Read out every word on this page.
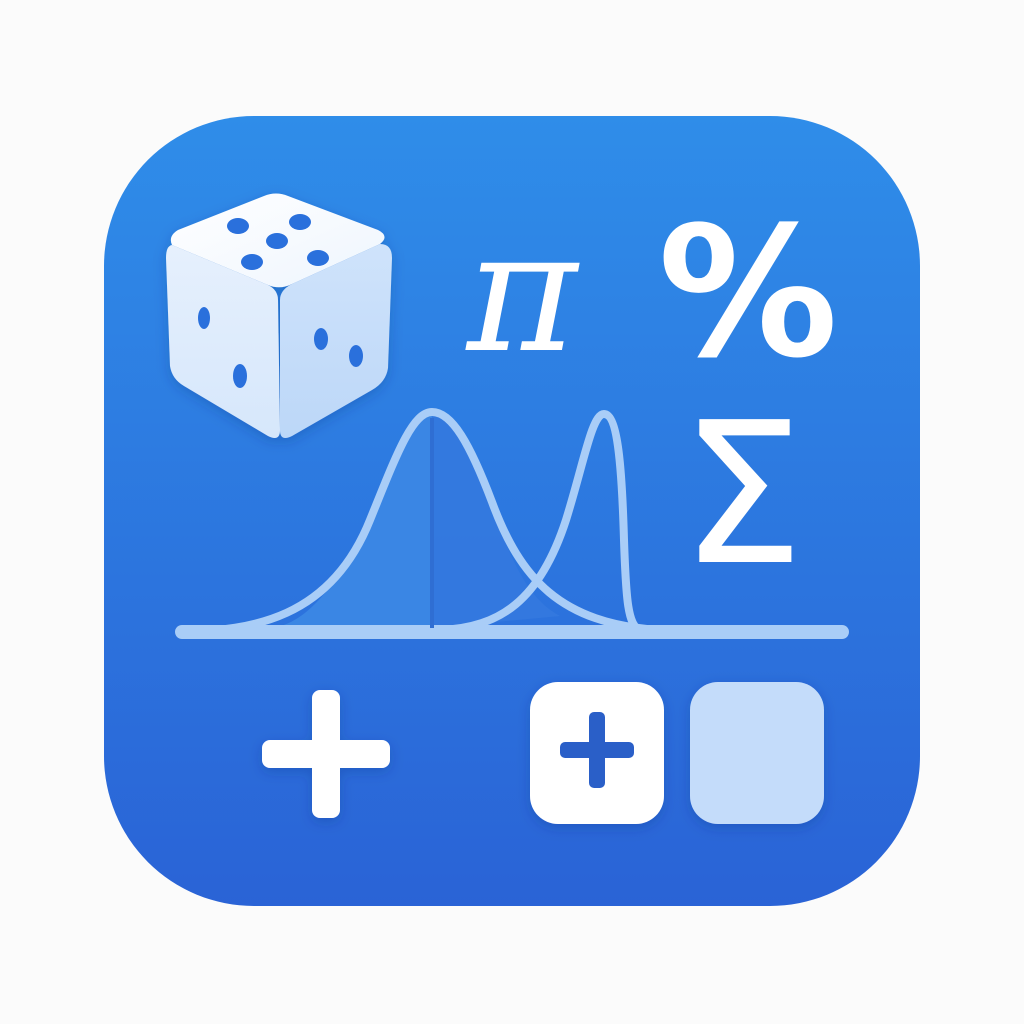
π %
Σ
